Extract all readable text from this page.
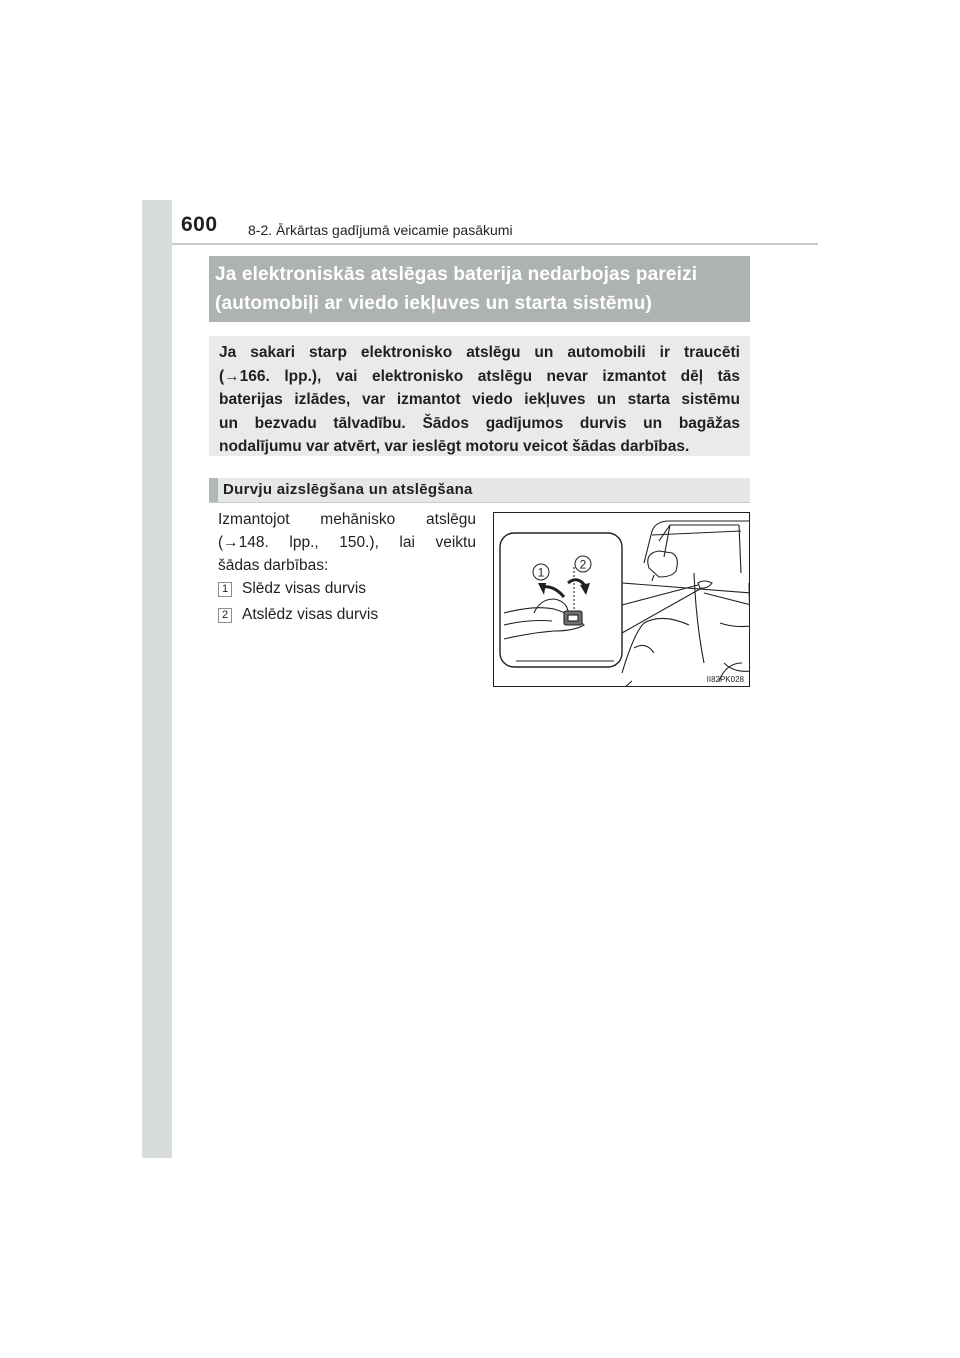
600 8-2. Ārkārtas gadījumā veicamie pasākumi
Ja elektroniskās atslēgas baterija nedarbojas pareizi
(automobiļi ar viedo iekļuves un starta sistēmu)
Ja sakari starp elektronisko atslēgu un automobili ir traucēti
(→166. lpp.), vai elektronisko atslēgu nevar izmantot dēļ tās
baterijas izlādes, var izmantot viedo iekļuves un starta sistēmu
un bezvadu tālvadību. Šādos gadījumos durvis un bagāžas
nodalījumu var atvērt, var ieslēgt motoru veicot šādas darbības.
Durvju aizslēgšana un atslēgšana
Izmantojot mehānisko atslēgu
(→148. lpp., 150.), lai veiktu
šādas darbības:
1 Slēdz visas durvis
2 Atslēdz visas durvis
1
2
II82PK028
